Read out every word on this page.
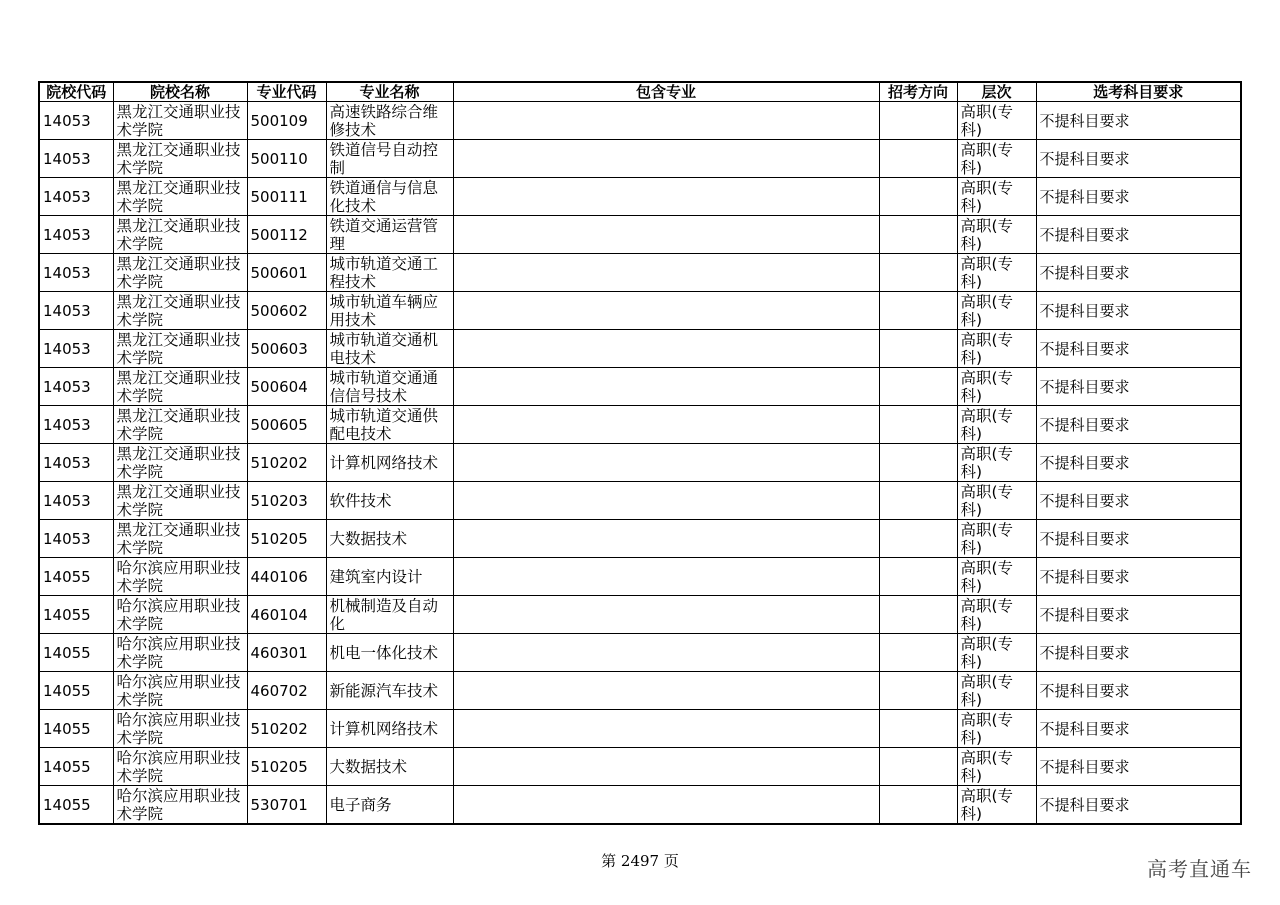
院校代码	院校名称	专业代码	专业名称	包含专业	招考方向	层次	选考科目要求
14053	黑龙江交通职业技术学院	500109	高速铁路综合维修技术			高职(专科)	不提科目要求
14053	黑龙江交通职业技术学院	500110	铁道信号自动控制			高职(专科)	不提科目要求
14053	黑龙江交通职业技术学院	500111	铁道通信与信息化技术			高职(专科)	不提科目要求
14053	黑龙江交通职业技术学院	500112	铁道交通运营管理			高职(专科)	不提科目要求
14053	黑龙江交通职业技术学院	500601	城市轨道交通工程技术			高职(专科)	不提科目要求
14053	黑龙江交通职业技术学院	500602	城市轨道车辆应用技术			高职(专科)	不提科目要求
14053	黑龙江交通职业技术学院	500603	城市轨道交通机电技术			高职(专科)	不提科目要求
14053	黑龙江交通职业技术学院	500604	城市轨道交通通信信号技术			高职(专科)	不提科目要求
14053	黑龙江交通职业技术学院	500605	城市轨道交通供配电技术			高职(专科)	不提科目要求
14053	黑龙江交通职业技术学院	510202	计算机网络技术			高职(专科)	不提科目要求
14053	黑龙江交通职业技术学院	510203	软件技术			高职(专科)	不提科目要求
14053	黑龙江交通职业技术学院	510205	大数据技术			高职(专科)	不提科目要求
14055	哈尔滨应用职业技术学院	440106	建筑室内设计			高职(专科)	不提科目要求
14055	哈尔滨应用职业技术学院	460104	机械制造及自动化			高职(专科)	不提科目要求
14055	哈尔滨应用职业技术学院	460301	机电一体化技术			高职(专科)	不提科目要求
14055	哈尔滨应用职业技术学院	460702	新能源汽车技术			高职(专科)	不提科目要求
14055	哈尔滨应用职业技术学院	510202	计算机网络技术			高职(专科)	不提科目要求
14055	哈尔滨应用职业技术学院	510205	大数据技术			高职(专科)	不提科目要求
14055	哈尔滨应用职业技术学院	530701	电子商务			高职(专科)	不提科目要求
第 2497 页	高考直通车
